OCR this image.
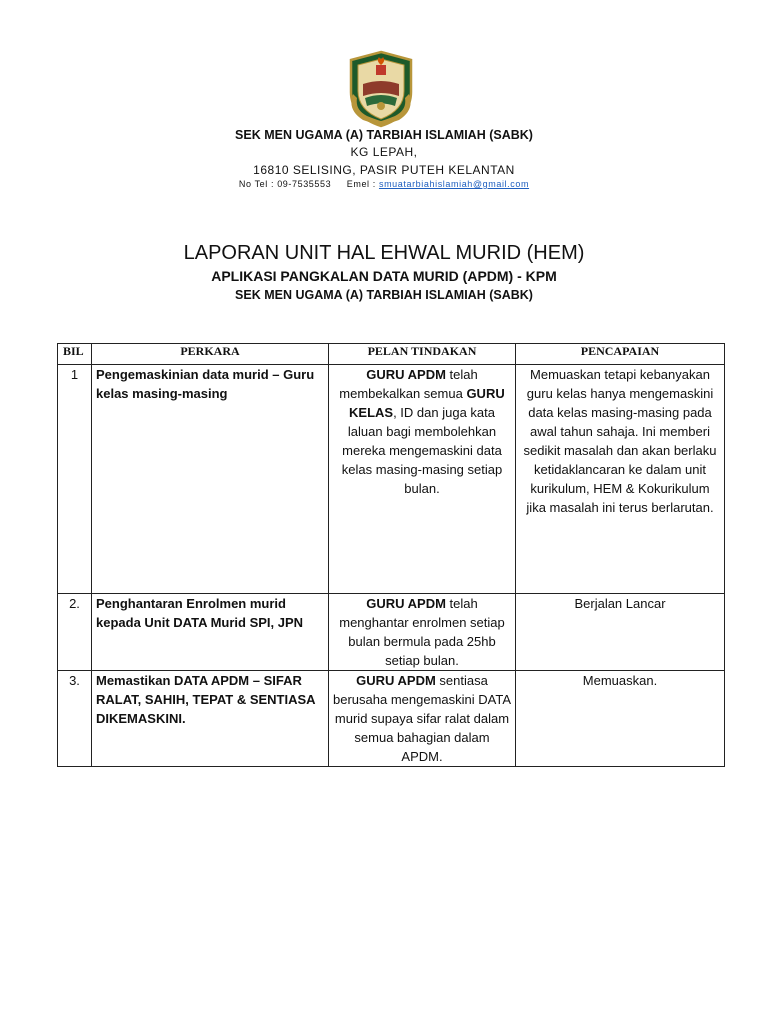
SEK MEN UGAMA (A) TARBIAH ISLAMIAH (SABK)
KG LEPAH,
16810 SELISING, PASIR PUTEH KELANTAN
No Tel : 09-7535553 Emel : smuatarbiahislamiah@gmail.com
LAPORAN UNIT HAL EHWAL MURID (HEM)
APLIKASI PANGKALAN DATA MURID (APDM) - KPM
SEK MEN UGAMA (A) TARBIAH ISLAMIAH (SABK)
BIL	PERKARA	PELAN TINDAKAN	PENCAPAIAN
1	Pengemaskinian data murid – Guru kelas masing-masing	GURU APDM telah membekalkan semua GURU KELAS, ID dan juga kata laluan bagi membolehkan mereka mengemaskini data kelas masing-masing setiap bulan.	Memuaskan tetapi kebanyakan guru kelas hanya mengemaskini data kelas masing-masing pada awal tahun sahaja. Ini memberi sedikit masalah dan akan berlaku ketidaklancaran ke dalam unit kurikulum, HEM & Kokurikulum jika masalah ini terus berlarutan.
2.	Penghantaran Enrolmen murid kepada Unit DATA Murid SPI, JPN	GURU APDM telah menghantar enrolmen setiap bulan bermula pada 25hb setiap bulan.	Berjalan Lancar
3.	Memastikan DATA APDM – SIFAR RALAT, SAHIH, TEPAT & SENTIASA DIKEMASKINI.	GURU APDM sentiasa berusaha mengemaskini DATA murid supaya sifar ralat dalam semua bahagian dalam APDM.	Memuaskan.
